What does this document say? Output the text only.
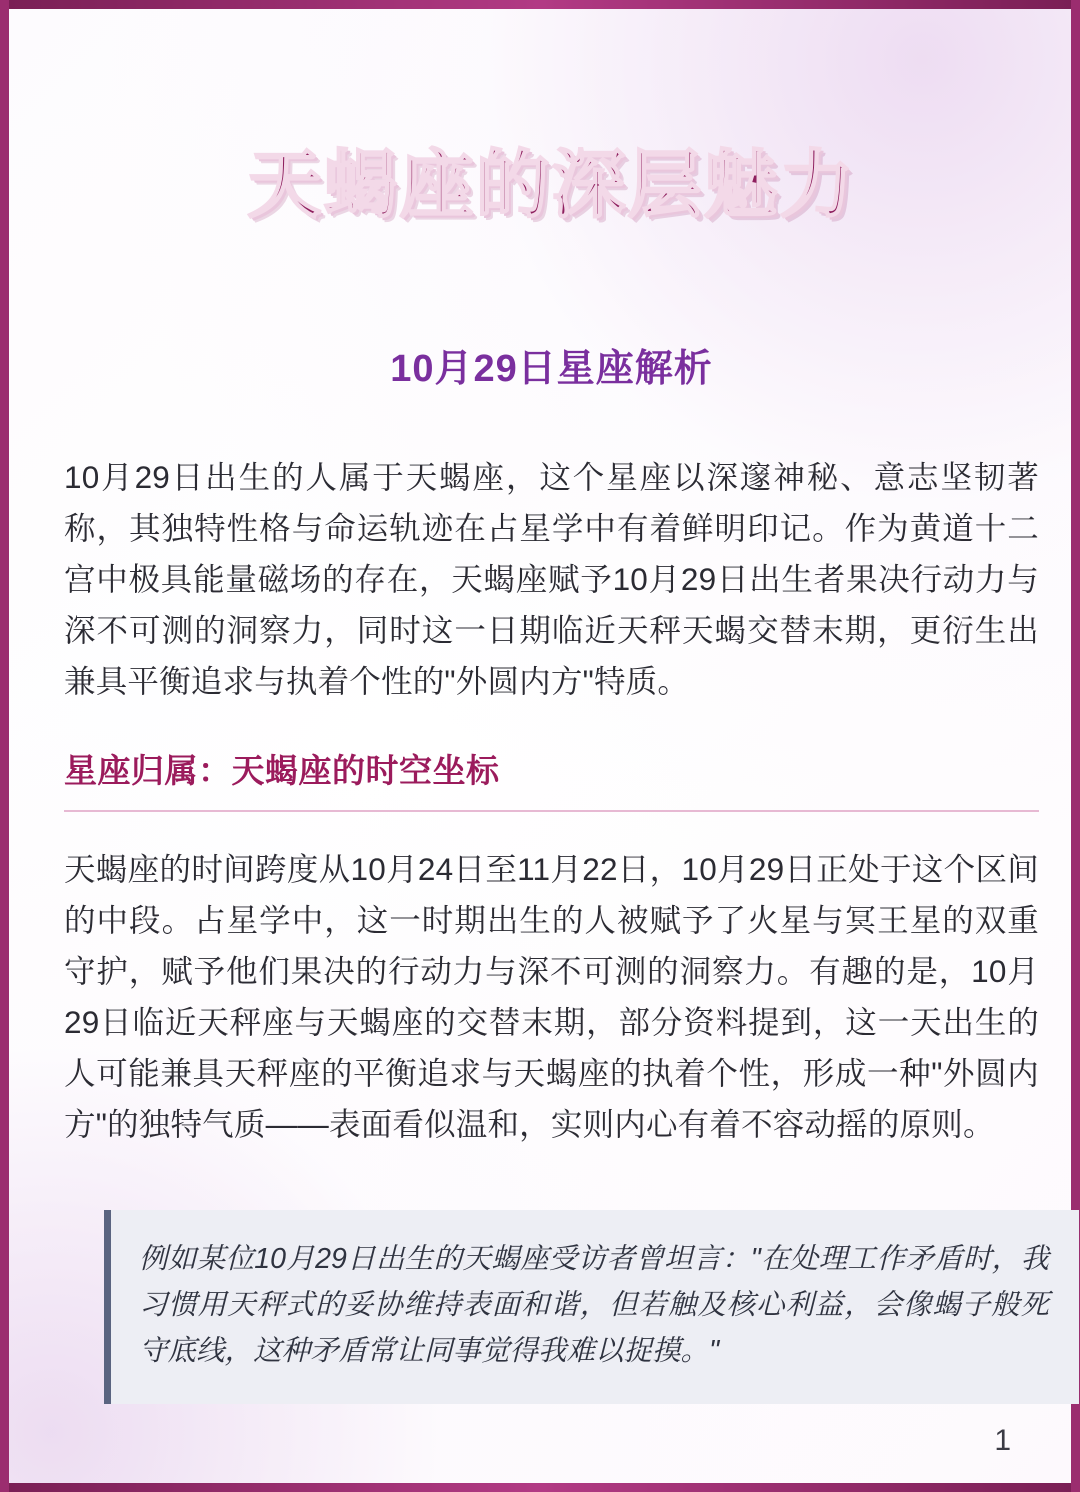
天蝎座的深层魅力
10月29日星座解析

10月29日出生的人属于天蝎座，这个星座以深邃神秘、意志坚韧著称，其独特性格与命运轨迹在占星学中有着鲜明印记。作为黄道十二宫中极具能量磁场的存在，天蝎座赋予10月29日出生者果决行动力与深不可测的洞察力，同时这一日期临近天秤天蝎交替末期，更衍生出兼具平衡追求与执着个性的"外圆内方"特质。

星座归属：天蝎座的时空坐标

天蝎座的时间跨度从10月24日至11月22日，10月29日正处于这个区间的中段。占星学中，这一时期出生的人被赋予了火星与冥王星的双重守护，赋予他们果决的行动力与深不可测的洞察力。有趣的是，10月29日临近天秤座与天蝎座的交替末期，部分资料提到，这一天出生的人可能兼具天秤座的平衡追求与天蝎座的执着个性，形成一种"外圆内方"的独特气质——表面看似温和，实则内心有着不容动摇的原则。

例如某位10月29日出生的天蝎座受访者曾坦言："在处理工作矛盾时，我习惯用天秤式的妥协维持表面和谐，但若触及核心利益，会像蝎子般死守底线，这种矛盾常让同事觉得我难以捉摸。"
1
